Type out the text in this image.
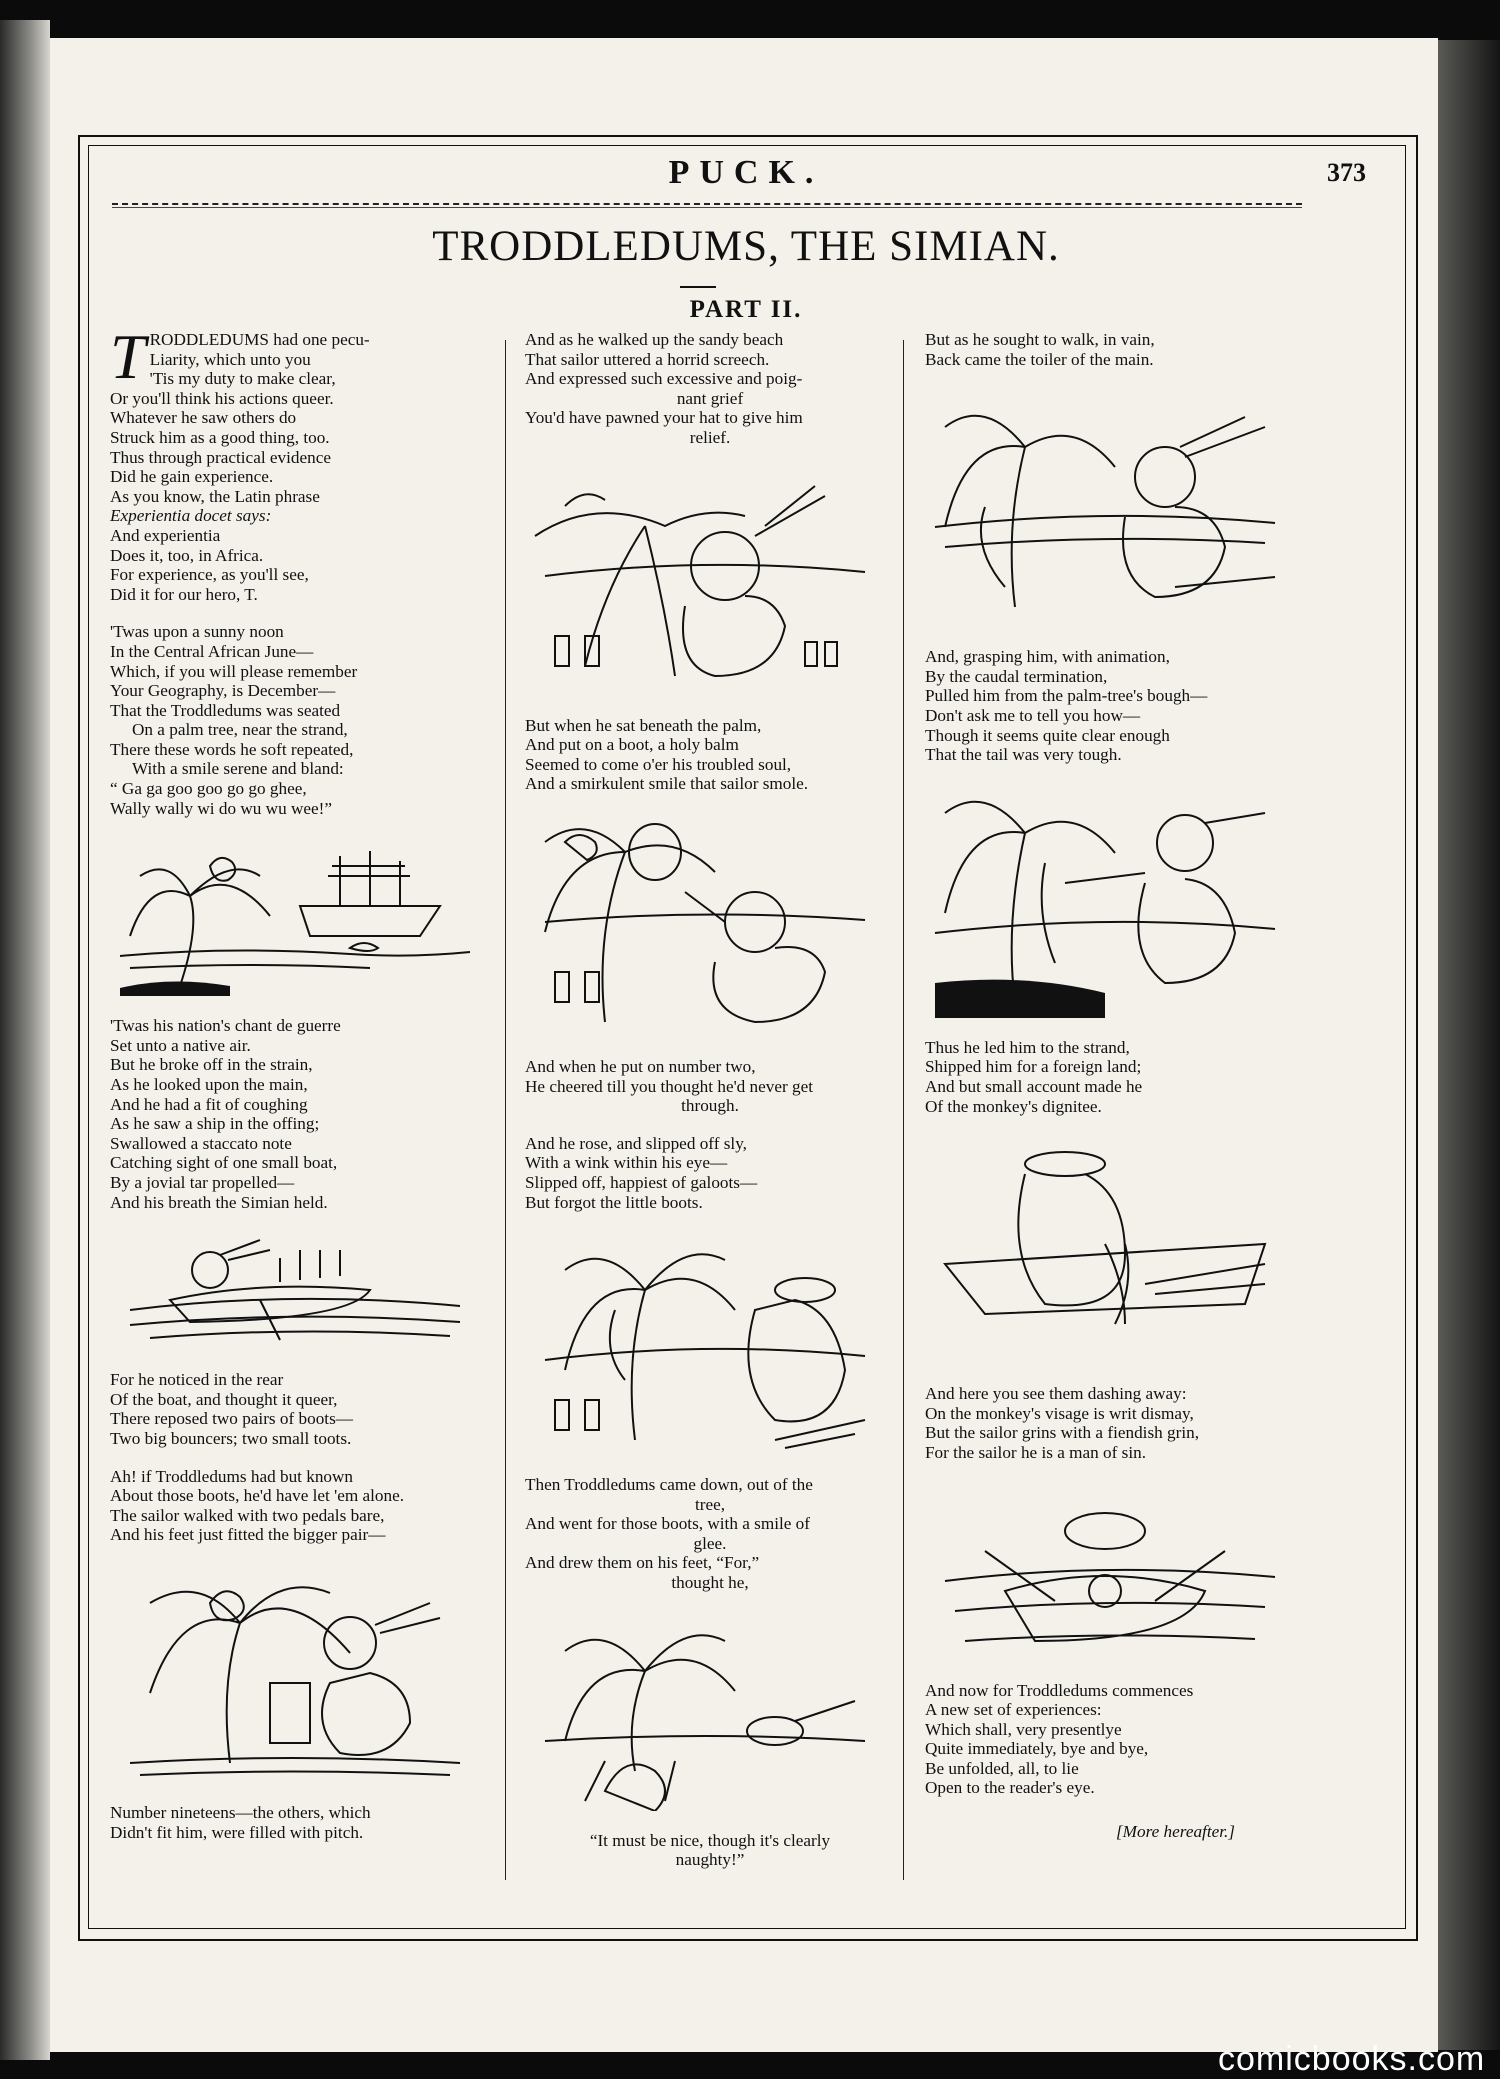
PUCK.	373
TRODDLEDUMS, THE SIMIAN.
PART II.
T RODDLEDUMS had one pecu-
Liarity, which unto you
'Tis my duty to make clear,
Or you'll think his actions queer.
Whatever he saw others do
Struck him as a good thing, too.
Thus through practical evidence
Did he gain experience.
As you know, the Latin phrase
Experientia docet says:
And experientia
Does it, too, in Africa.
For experience, as you'll see,
Did it for our hero, T.
'Twas upon a sunny noon
In the Central African June—
Which, if you will please remember
Your Geography, is December—
That the Troddledums was seated
On a palm tree, near the strand,
There these words he soft repeated,
With a smile serene and bland:
“ Ga ga goo goo go go ghee,
Wally wally wi do wu wu wee!”
'Twas his nation's chant de guerre
Set unto a native air.
But he broke off in the strain,
As he looked upon the main,
And he had a fit of coughing
As he saw a ship in the offing;
Swallowed a staccato note
Catching sight of one small boat,
By a jovial tar propelled—
And his breath the Simian held.
For he noticed in the rear
Of the boat, and thought it queer,
There reposed two pairs of boots—
Two big bouncers; two small toots.
Ah! if Troddledums had but known
About those boots, he'd have let 'em alone.
The sailor walked with two pedals bare,
And his feet just fitted the bigger pair—
Number nineteens—the others, which
Didn't fit him, were filled with pitch.
And as he walked up the sandy beach
That sailor uttered a horrid screech.
And expressed such excessive and poig-
nant grief
You'd have pawned your hat to give him
relief.
But when he sat beneath the palm,
And put on a boot, a holy balm
Seemed to come o'er his troubled soul,
And a smirkulent smile that sailor smole.
And when he put on number two,
He cheered till you thought he'd never get
through.
And he rose, and slipped off sly,
With a wink within his eye—
Slipped off, happiest of galoots—
But forgot the little boots.
Then Troddledums came down, out of the
tree,
And went for those boots, with a smile of
glee.
And drew them on his feet, “For,”
thought he,
“It must be nice, though it's clearly
naughty!”
But as he sought to walk, in vain,
Back came the toiler of the main.
And, grasping him, with animation,
By the caudal termination,
Pulled him from the palm-tree's bough—
Don't ask me to tell you how—
Though it seems quite clear enough
That the tail was very tough.
Thus he led him to the strand,
Shipped him for a foreign land;
And but small account made he
Of the monkey's dignitee.
And here you see them dashing away:
On the monkey's visage is writ dismay,
But the sailor grins with a fiendish grin,
For the sailor he is a man of sin.
And now for Troddledums commences
A new set of experiences:
Which shall, very presentlye
Quite immediately, bye and bye,
Be unfolded, all, to lie
Open to the reader's eye.
[More hereafter.]
comicbooks.com
